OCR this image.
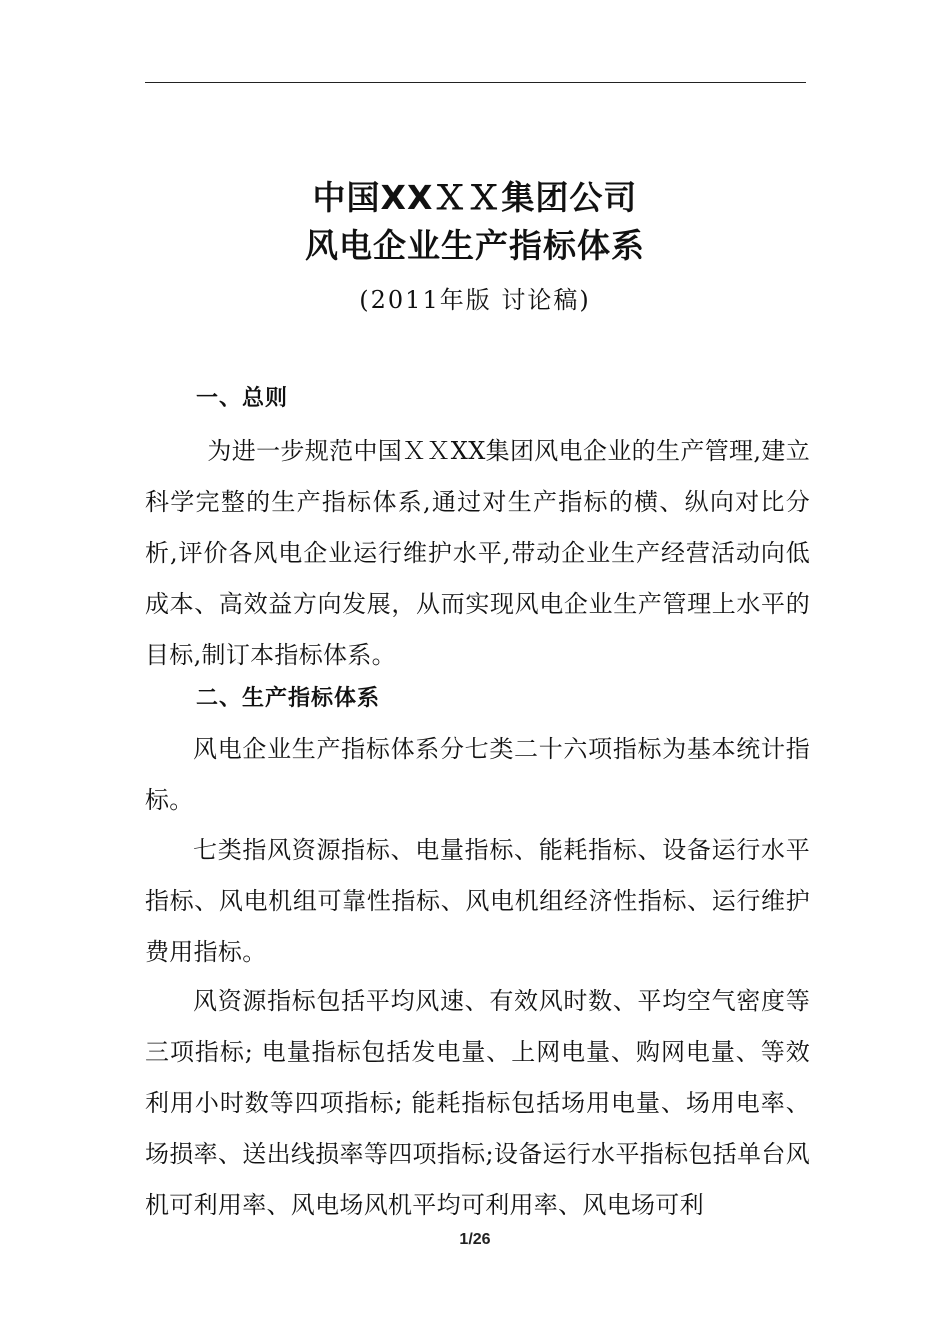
中国XXＸＸ集团公司
风电企业生产指标体系
(2011年版 讨论稿)
一、总则

为进一步规范中国ＸＸXX集团风电企业的生产管理,建立科学完整的生产指标体系,通过对生产指标的横、纵向对比分析,评价各风电企业运行维护水平,带动企业生产经营活动向低成本、高效益方向发展，从而实现风电企业生产管理上水平的目标,制订本指标体系。

二、生产指标体系

风电企业生产指标体系分七类二十六项指标为基本统计指标。

七类指风资源指标、电量指标、能耗指标、设备运行水平指标、风电机组可靠性指标、风电机组经济性指标、运行维护费用指标。

风资源指标包括平均风速、有效风时数、平均空气密度等三项指标; 电量指标包括发电量、上网电量、购网电量、等效利用小时数等四项指标; 能耗指标包括场用电量、场用电率、场损率、送出线损率等四项指标;设备运行水平指标包括单台风机可利用率、风电场风机平均可利用率、风电场可利

1/26
